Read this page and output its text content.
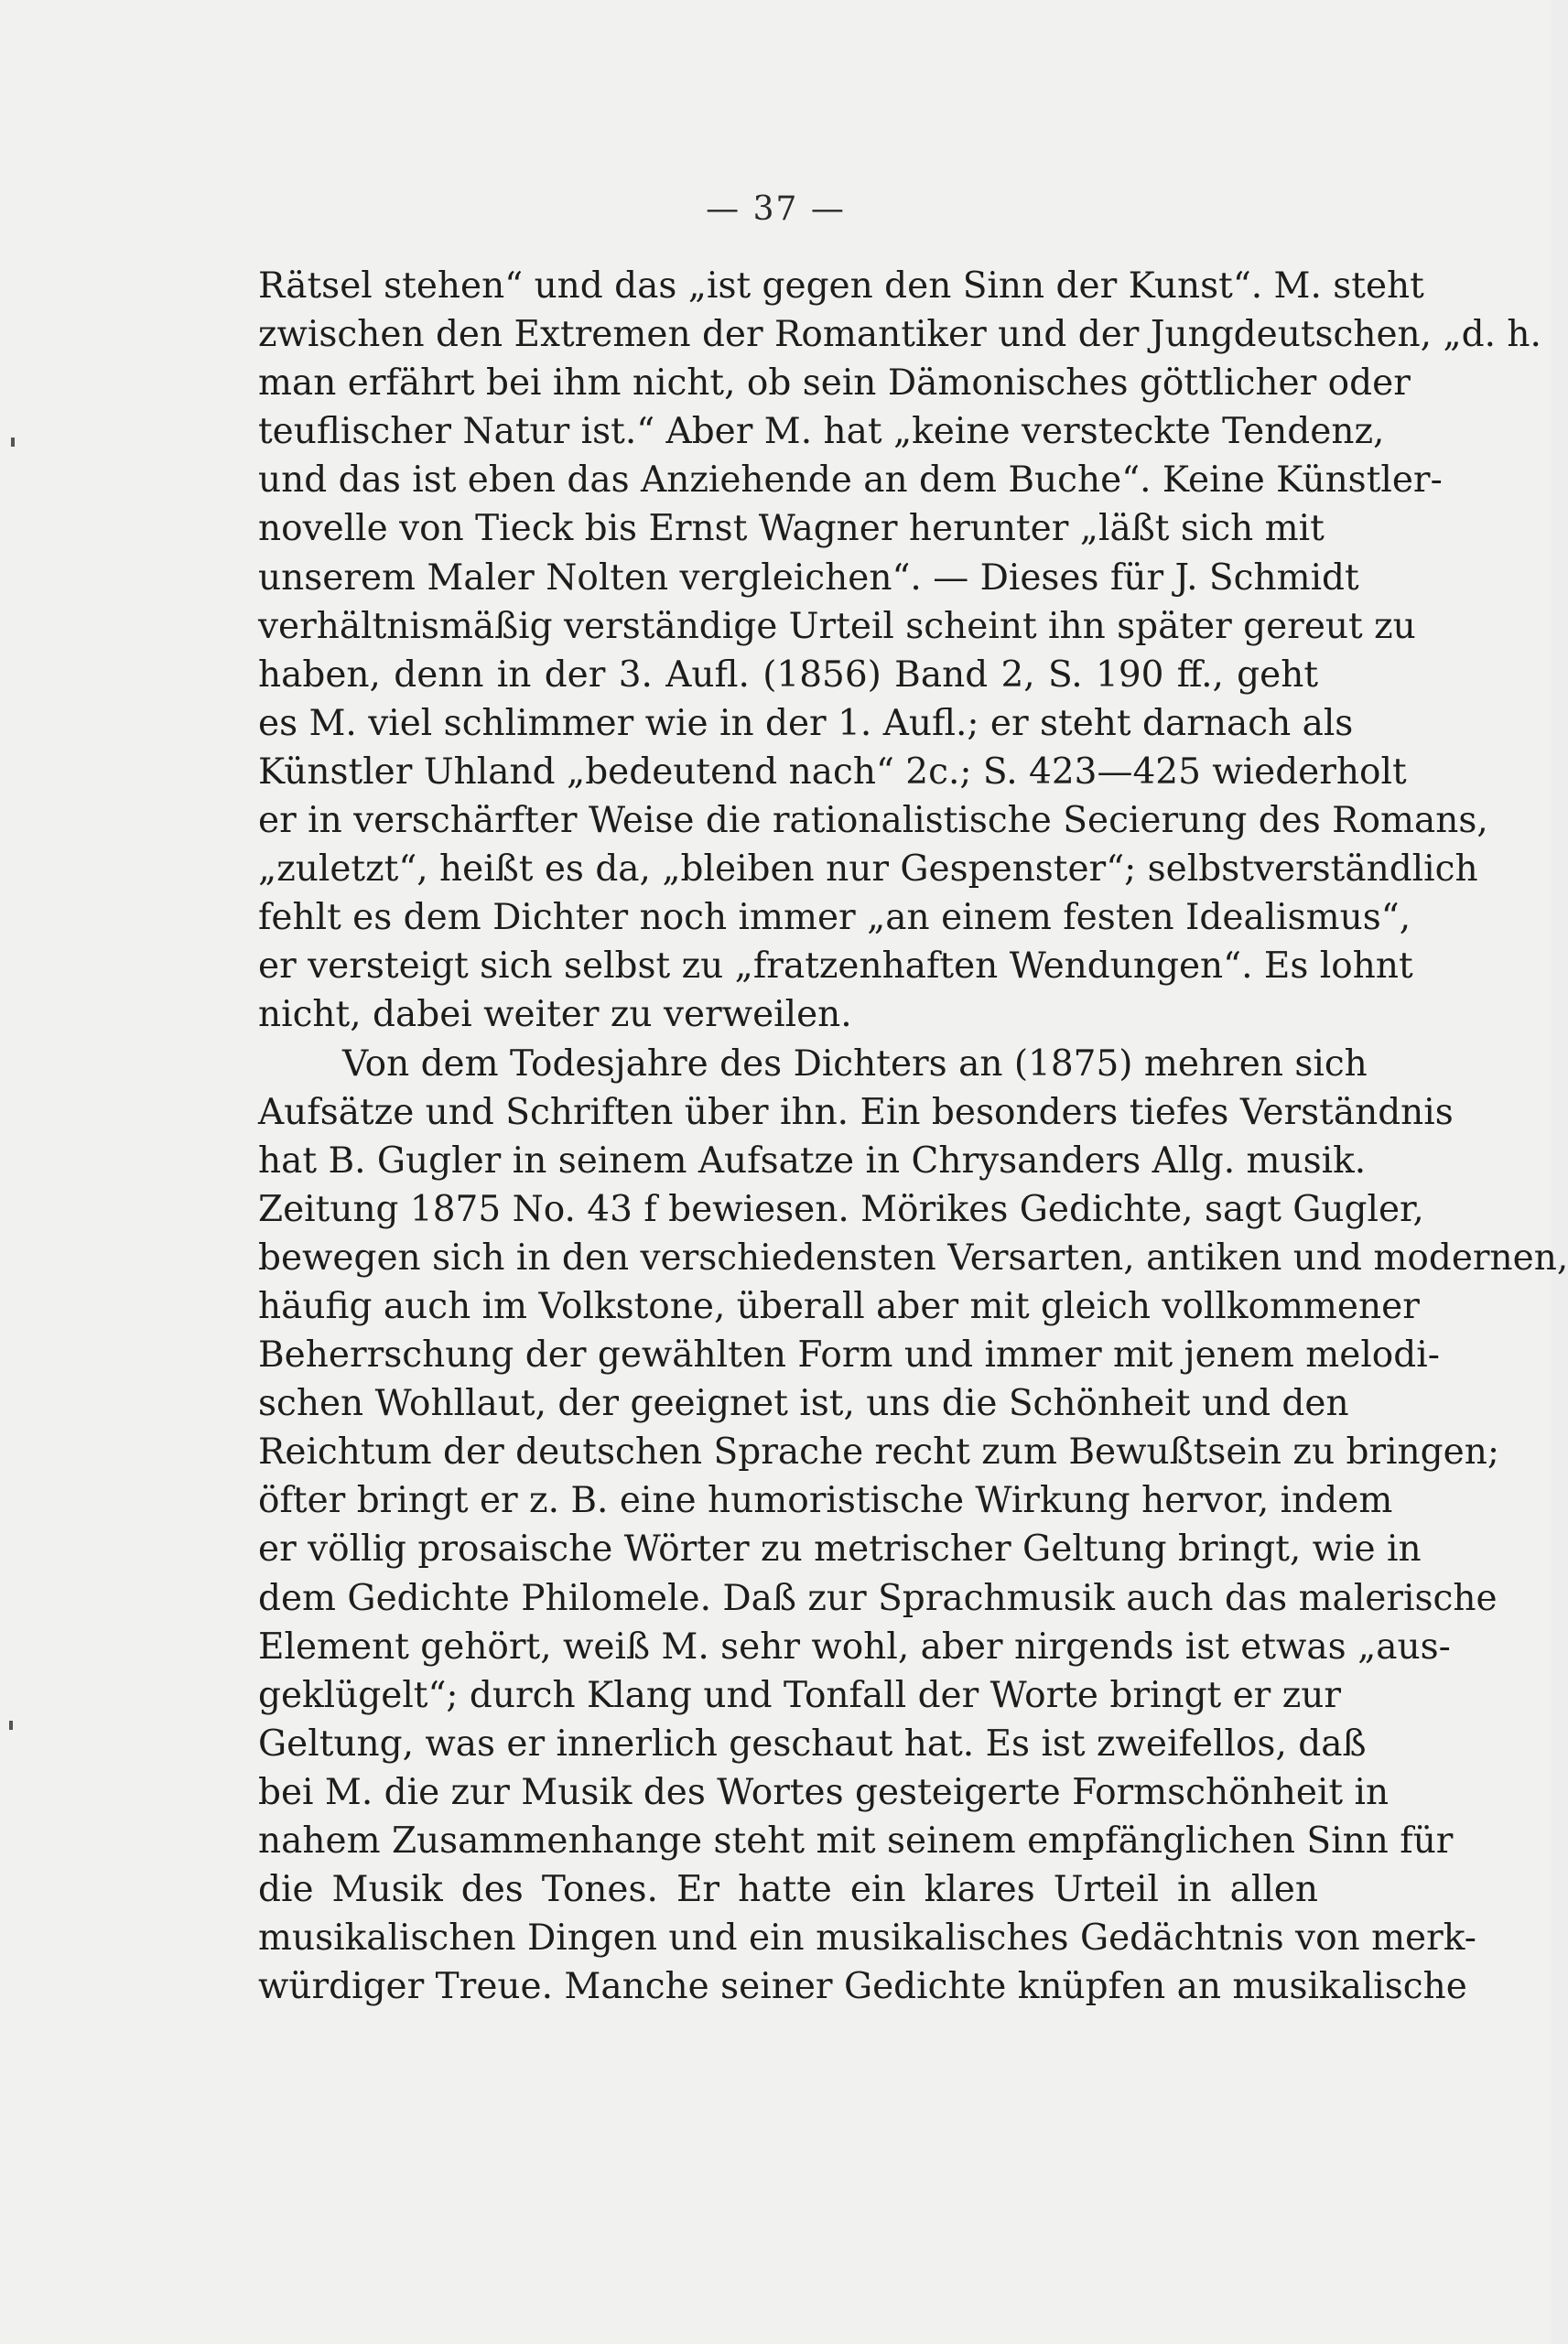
— 37 —
Rätsel stehen“ und das „ist gegen den Sinn der Kunst“. M. steht
zwischen den Extremen der Romantiker und der Jungdeutschen, „d. h.
man erfährt bei ihm nicht, ob sein Dämonisches göttlicher oder
teuflischer Natur ist.“ Aber M. hat „keine versteckte Tendenz,
und das ist eben das Anziehende an dem Buche“. Keine Künstler-
novelle von Tieck bis Ernst Wagner herunter „läßt sich mit
unserem Maler Nolten vergleichen“. — Dieses für J. Schmidt
verhältnismäßig verständige Urteil scheint ihn später gereut zu
haben, denn in der 3. Aufl. (1856) Band 2, S. 190 ff., geht
es M. viel schlimmer wie in der 1. Aufl.; er steht darnach als
Künstler Uhland „bedeutend nach“ 2c.; S. 423—425 wiederholt
er in verschärfter Weise die rationalistische Secierung des Romans,
„zuletzt“, heißt es da, „bleiben nur Gespenster“; selbstverständlich
fehlt es dem Dichter noch immer „an einem festen Idealismus“,
er versteigt sich selbst zu „fratzenhaften Wendungen“. Es lohnt
nicht, dabei weiter zu verweilen.
Von dem Todesjahre des Dichters an (1875) mehren sich
Aufsätze und Schriften über ihn. Ein besonders tiefes Verständnis
hat B. Gugler in seinem Aufsatze in Chrysanders Allg. musik.
Zeitung 1875 No. 43 f bewiesen. Mörikes Gedichte, sagt Gugler,
bewegen sich in den verschiedensten Versarten, antiken und modernen,
häufig auch im Volkstone, überall aber mit gleich vollkommener
Beherrschung der gewählten Form und immer mit jenem melodi-
schen Wohllaut, der geeignet ist, uns die Schönheit und den
Reichtum der deutschen Sprache recht zum Bewußtsein zu bringen;
öfter bringt er z. B. eine humoristische Wirkung hervor, indem
er völlig prosaische Wörter zu metrischer Geltung bringt, wie in
dem Gedichte Philomele. Daß zur Sprachmusik auch das malerische
Element gehört, weiß M. sehr wohl, aber nirgends ist etwas „aus-
geklügelt“; durch Klang und Tonfall der Worte bringt er zur
Geltung, was er innerlich geschaut hat. Es ist zweifellos, daß
bei M. die zur Musik des Wortes gesteigerte Formschönheit in
nahem Zusammenhange steht mit seinem empfänglichen Sinn für
die Musik des Tones. Er hatte ein klares Urteil in allen
musikalischen Dingen und ein musikalisches Gedächtnis von merk-
würdiger Treue. Manche seiner Gedichte knüpfen an musikalische
